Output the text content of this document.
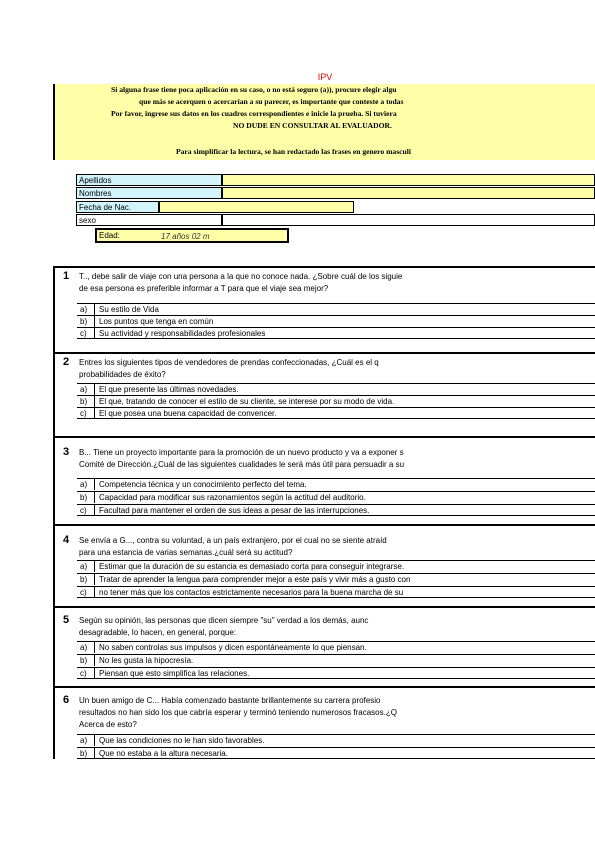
IPV
Si alguna frase tiene poca aplicación en su caso, o no está seguro (a)), procure elegir algu
que más se acerquen o acercarían a su parecer, es importante que conteste a todas
Por favor, ingrese sus datos en los cuadros correspondientes e inicie la prueba. Si tuviera
NO DUDE EN CONSULTAR AL EVALUADOR.
Para simplificar la lectura, se han redactado las frases en genero masculi
Apellidos
Nombres
Fecha de Nac.
sexo
Edad:	17 años 02 m
1	T.., debe salir de viaje con una persona a la que no conoce nada. ¿Sobre cuál de los siguie
de esa persona es preferible informar a T para que el viaje sea mejor?
a)	Su estilo de Vida
b)	Los puntos que tenga en común
c)	Su actividad y responsabilidades profesionales
2	Entres los siguientes tipos de vendedores de prendas confeccionadas, ¿Cuál es el q
probabilidades de éxito?
a)	El que presente las últimas novedades.
b)	El que, tratando de conocer el estilo de su cliente, se interese por su modo de vida.
c)	El que posea una buena capacidad de convencer.
3	B... Tiene un proyecto importante para la promoción de un nuevo producto y va a exponer s
Comité de Dirección.¿Cuál de las siguientes cualidades le será más útil para persuadir a su
a)	Competencia técnica y un conocimiento perfecto del tema.
b)	Capacidad para modificar sus razonamientos según la actitud del auditorio.
c)	Facultad para mantener el orden de sus ideas a pesar de las interrupciones.
4	Se envía a G..., contra su voluntad, a un país extranjero, por el cual no se siente atraíd
para una estancia de varias semanas.¿cuál será su actitud?
a)	Estimar que la duración de su estancia es demasiado corta para conseguir integrarse.
b)	Tratar de aprender la lengua para comprender mejor a este país y vivir más a gusto con
c)	no tener más que los contactos estrictamente necesarios para la buena marcha de su
5	Según su opinión, las personas que dicen siempre "su" verdad a los demás, aunc
desagradable, lo hacen, en general, porque:
a)	No saben controlas sus impulsos y dicen espontáneamente lo que piensan.
b)	No les gusta la hipocresía.
c)	Piensan que esto simplifica las relaciones.
6	Un buen amigo de C... Había comenzado bastante brillantemente su carrera profesio
resultados no han sido los que cabría esperar y terminó teniendo numerosos fracasos.¿Q
Acerca de esto?
a)	Que las condiciones no le han sido favorables.
b)	Que no estaba a la altura necesaria.
